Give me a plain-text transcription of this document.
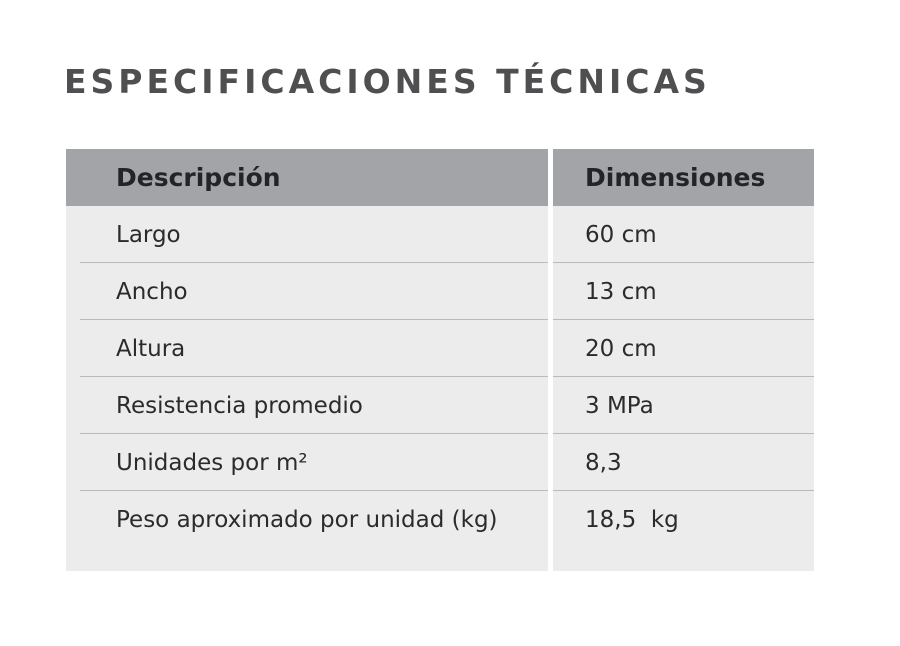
ESPECIFICACIONES TÉCNICAS
Descripción	Dimensiones
Largo	60 cm
Ancho	13 cm
Altura	20 cm
Resistencia promedio	3 MPa
Unidades por m²	8,3
Peso aproximado por unidad (kg)	18,5  kg
